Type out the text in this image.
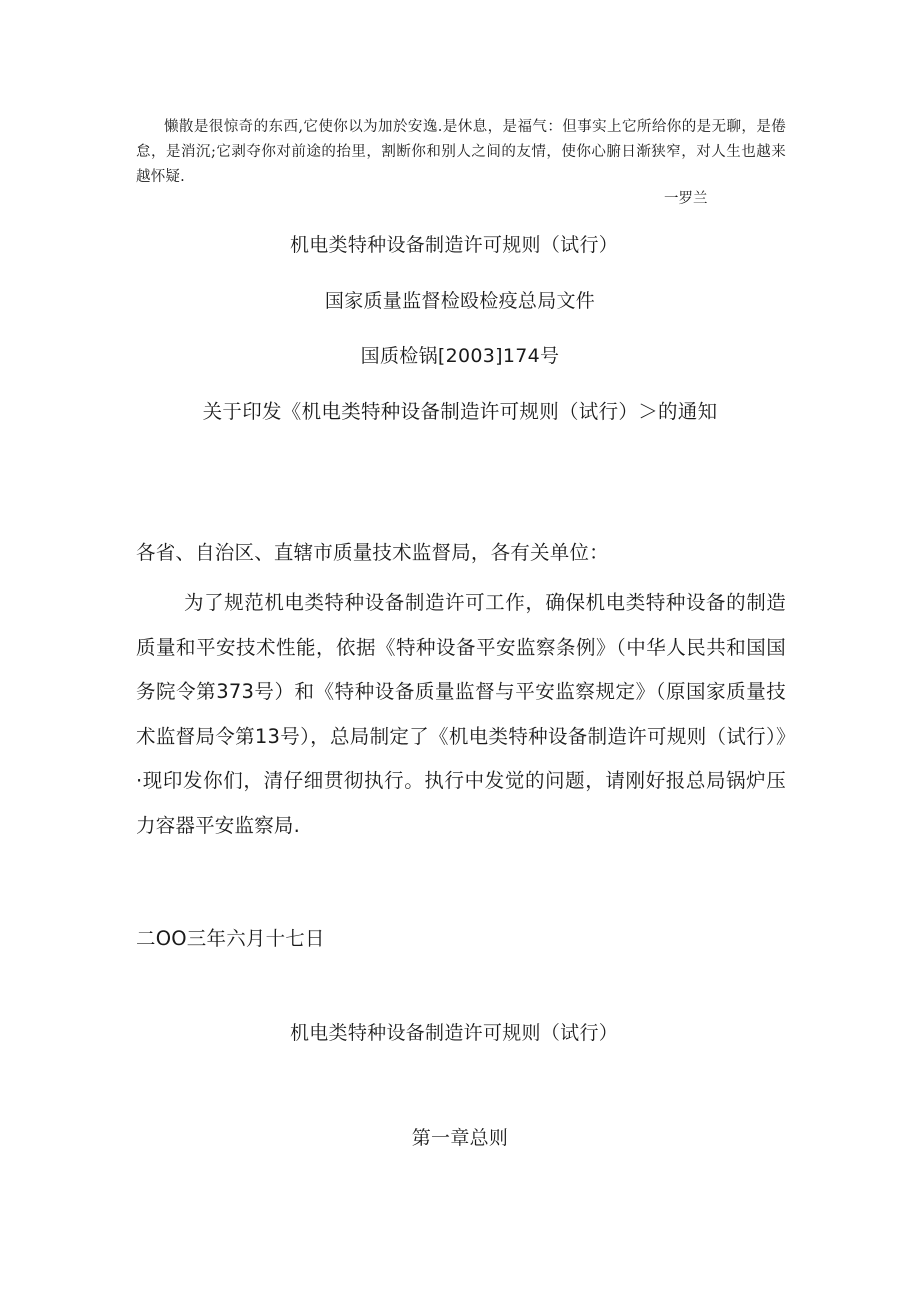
懒散是很惊奇的东西,它使你以为加於安逸.是休息，是福气：但事实上它所给你的是无聊，是倦怠，是消沉;它剥夺你对前途的抬里，割断你和别人之间的友情，使你心腑日渐狭窄，对人生也越来越怀疑.
一罗兰
机电类特种设备制造许可规则（试行）
国家质量监督检殴检疫总局文件
国质检锅[2003]174号
关于印发《机电类特种设备制造许可规则（试行）＞的通知
各省、自治区、直辖市质量技术监督局，各有关单位：
为了规范机电类特种设备制造许可工作，确保机电类特种设备的制造质量和平安技术性能，依据《特种设备平安监察条例》（中华人民共和国国务院令第373号）和《特种设备质量监督与平安监察规定》（原国家质量技术监督局令第13号），总局制定了《机电类特种设备制造许可规则（试行）》·现印发你们，清仔细贯彻执行。执行中发觉的问题，请刚好报总局锅炉压力容器平安监察局.
二OO三年六月十七日
机电类特种设备制造许可规则（试行）
第一章总则
